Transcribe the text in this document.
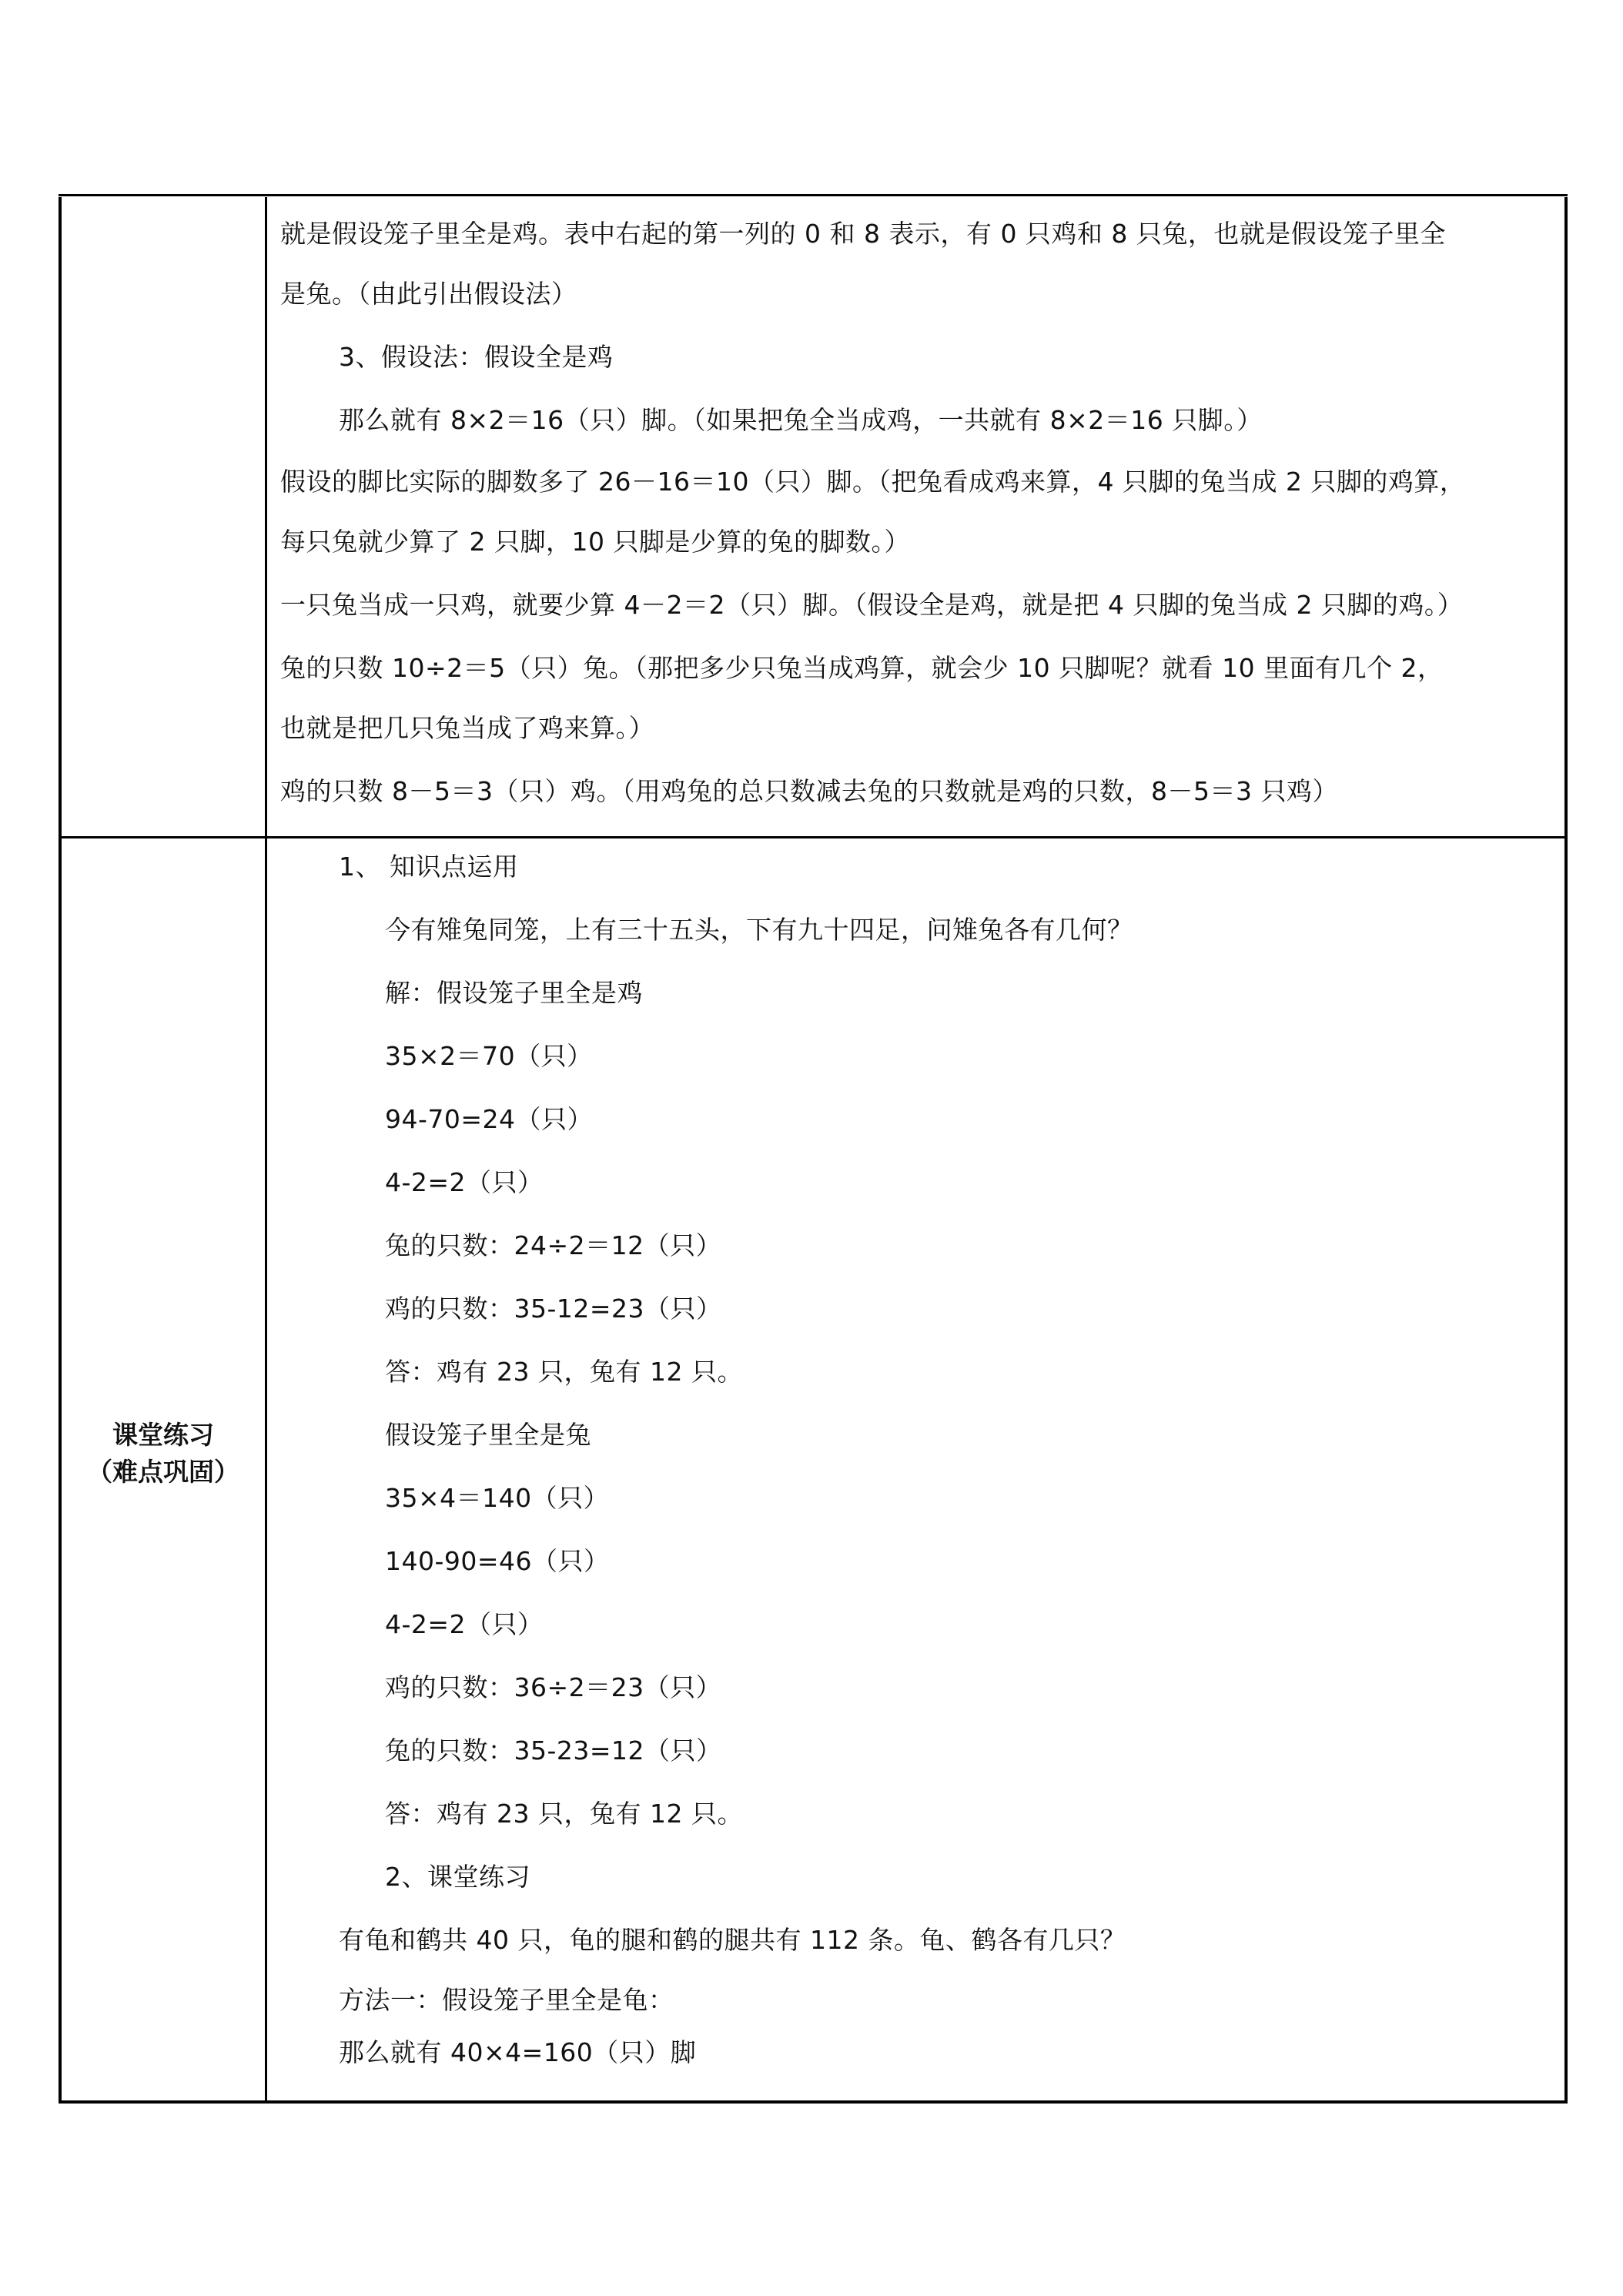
就是假设笼子里全是鸡。表中右起的第一列的 0 和 8 表示，有 0 只鸡和 8 只兔，也就是假设笼子里全
是兔。（由此引出假设法）
3、假设法：假设全是鸡
那么就有 8×2＝16（只）脚。（如果把兔全当成鸡，一共就有 8×2＝16 只脚。）
假设的脚比实际的脚数多了 26－16＝10（只）脚。（把兔看成鸡来算，4 只脚的兔当成 2 只脚的鸡算，
每只兔就少算了 2 只脚，10 只脚是少算的兔的脚数。）
一只兔当成一只鸡，就要少算 4－2＝2（只）脚。（假设全是鸡，就是把 4 只脚的兔当成 2 只脚的鸡。）
兔的只数 10÷2＝5（只）兔。（那把多少只兔当成鸡算，就会少 10 只脚呢？就看 10 里面有几个 2，
也就是把几只兔当成了鸡来算。）
鸡的只数 8－5＝3（只）鸡。（用鸡兔的总只数减去兔的只数就是鸡的只数，8－5＝3 只鸡）
课堂练习
（难点巩固）
1、 知识点运用
今有雉兔同笼，上有三十五头，下有九十四足，问雉兔各有几何？
解：假设笼子里全是鸡
35×2＝70（只）
94-70=24（只）
4-2=2（只）
兔的只数：24÷2＝12（只）
鸡的只数：35-12=23（只）
答：鸡有 23 只，兔有 12 只。
假设笼子里全是兔
35×4＝140（只）
140-90=46（只）
4-2=2（只）
鸡的只数：36÷2＝23（只）
兔的只数：35-23=12（只）
答：鸡有 23 只，兔有 12 只。
2、课堂练习
有龟和鹤共 40 只，龟的腿和鹤的腿共有 112 条。龟、鹤各有几只？
方法一：假设笼子里全是龟：
那么就有 40×4=160（只）脚
